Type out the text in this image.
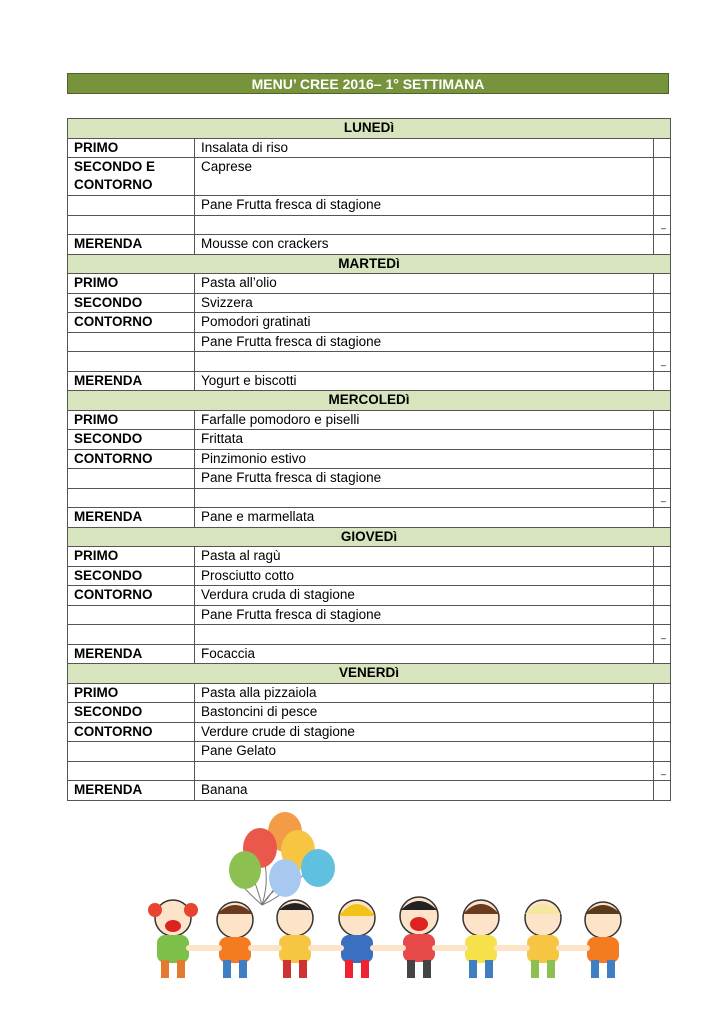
MENU’ CREE 2016– 1° SETTIMANA
LUNEDì		
PRIMO	Insalata di riso	
SECONDO E CONTORNO	Caprese	
	Pane Frutta fresca di stagione	

		–

MERENDA	Mousse con crackers	
MARTEDì		
PRIMO	Pasta all’olio	
SECONDO	Svizzera	
CONTORNO	Pomodori gratinati	
	Pane Frutta fresca di stagione	

		–

MERENDA	Yogurt e biscotti	
MERCOLEDì		
PRIMO	Farfalle pomodoro e piselli	
SECONDO	Frittata	
CONTORNO	Pinzimonio estivo	
	Pane Frutta fresca di stagione	

		–

MERENDA	Pane e marmellata	
GIOVEDì		
PRIMO	Pasta al ragù	
SECONDO	Prosciutto cotto	
CONTORNO	Verdura cruda di stagione	
	Pane Frutta fresca di stagione	

		–

MERENDA	Focaccia	
VENERDì		
PRIMO	Pasta alla pizzaiola	
SECONDO	Bastoncini di pesce	
CONTORNO	Verdure crude di stagione	
	Pane Gelato	

		–

MERENDA	Banana	
